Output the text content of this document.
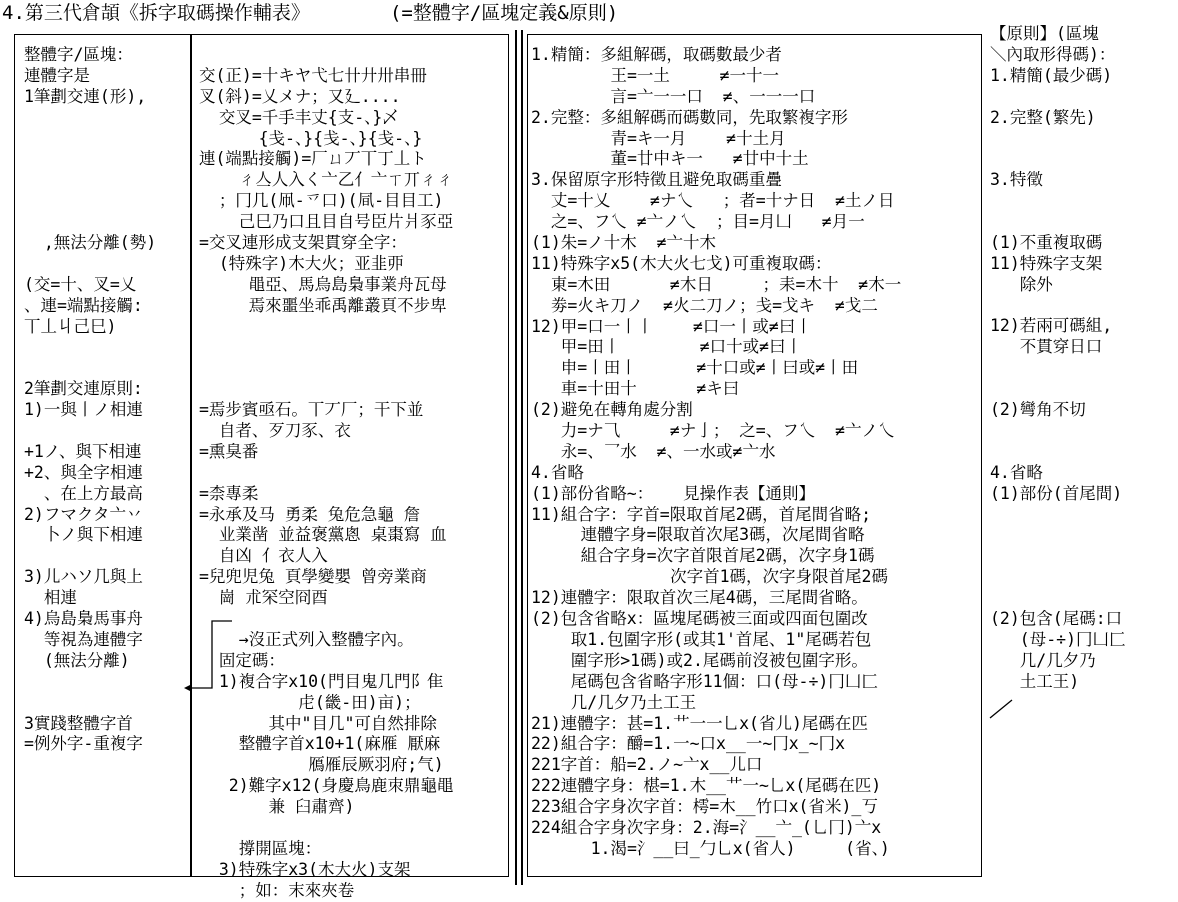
4.第三代倉頡《拆字取碼操作輔表》	(=整體字/區塊定義&原則)
整體字/區塊：
連體字是
1筆劃交連(形),
,無法分離(勢)
(交=十、叉=乂
、連=端點接觸:
丅丄丩己巳)
2筆劃交連原則:
1)一與丨ノ相連
+1ノ、與下相連
+2、與全字相連
、在上方最高
2)フマクタ亠丷
卜ノ與下相連
3)儿ハソ几與上
相連
4)烏島梟馬事舟
等視為連體字
(無法分離)
3實踐整體字首
=例外字-重複字
交(正)=十キヤ弋七卄廾卅串冊
叉(斜)=乂メナ；又廴....
交叉=千手丰丈{支-、}乄
{戋-、}{戋-、}{戋-、}
連(端點接觸)=厂ㄩ丆丅丁丄ト
ㄔ亼人入く亠乙亻亠ㄒ丌ㄔㄔ
；冂几(凧-乊口)(凬-目目工)
己巳乃口且目自号臣片爿豕亞
=交叉連形成支架貫穿全字：
(特殊字)木大火；亚韭丣
黽亞、馬烏島梟事業舟瓦母
焉來噩坐乖禹離叢頁不步卑
=焉步賓亟石。丅丆厂；干下並
自者、歹刀豕、衣
=熏臭番
=柰專柔
=永承及马 勇柔 兔危急龜 詹
业業凿 並益褒黨悤 桌棗寫 血
自凶 亻衣人入
=兒兜児兔 頁學變嬰 曾旁業商
崗 朮罙空冏酉
→沒正式列入整體字內。
固定碼：
1)複合字x10(門目鬼几門阝隹
虍(畿-田)亩)；
其中"目几"可自然排除
整體字首x10+1(麻雁 厭麻
鴈雁辰厥羽府;气)
2)難字x12(身慶鳥鹿朿鼎龜黽
兼 臼肅齊)
撐開區塊：
3)特殊字x3(木大火)支架
；如：末來夾卷
1.精簡：多組解碼，取碼數最少者
王=一土     ≠一十一
言=亠一一口  ≠、一一一口
2.完整：多組解碼而碼數同，先取繁複字形
青=キ一月    ≠十土月
董=廿中キ一   ≠廿中十土
3.保留原字形特徵且避免取碼重疊
丈=十乂    ≠ナ乀   ；者=十ナ日  ≠土ノ日
之=、フ乀 ≠亠ノ乀  ；目=月凵   ≠月一
(1)朱=ノ十木  ≠亠十木
11)特殊字x5(木大火七戈)可重複取碼：
東=木田      ≠木日     ；耒=木十  ≠木一
劵=火キ刀ノ  ≠火二刀ノ；戋=戈キ  ≠戈二
12)甲=口一丨丨    ≠口一丨或≠曰丨
甲=田丨        ≠口十或≠曰丨
申=丨田丨      ≠十口或≠丨曰或≠丨田
車=十田十      ≠キ曰
(2)避免在轉角處分割
力=ナ⺄     ≠ナ亅； 之=、フ乀  ≠亠ノ乀
永=、乛水  ≠、一水或≠亠水
4.省略
(1)部份省略~：   見操作表【通則】
11)組合字：字首=限取首尾2碼，首尾間省略;
連體字身=限取首次尾3碼，次尾間省略
組合字身=次字首限首尾2碼，次字身1碼
次字首1碼，次字身限首尾2碼
12)連體字：限取首次三尾4碼，三尾間省略。
(2)包含省略x：區塊尾碼被三面或四面包圍改
取1.包圍字形(或其1'首尾、1"尾碼若包
圍字形>1碼)或2.尾碼前沒被包圍字形。
尾碼包含省略字形11個：口(母-÷)冂凵匚
几/几夕乃土工王
21)連體字：甚=1.艹一一乚x(省儿)尾碼在匹
22)組合字：釂=1.一~口x__一~冂x_~冂x
221字首：船=2.ノ~亠x__儿口
222連體字身：椹=1.木__艹一~乚x(尾碼在匹)
223組合字身次字首：樗=木__竹口x(省米)_丂
224組合字身次字身：2.海=氵__亠_(乚冂)亠x
1.渴=氵__曰_勹乚x(省人)     (省、)
【原則】(區塊
＼內取形得碼)：
1.精簡(最少碼)
2.完整(繁先)
3.特徵
(1)不重複取碼
11)特殊字支架
除外
12)若兩可碼組,
不貫穿日口
(2)彎角不切
4.省略
(1)部份(首尾間)
(2)包含(尾碼:口
(母-÷)冂凵匚
几/几夕乃
土工王)
